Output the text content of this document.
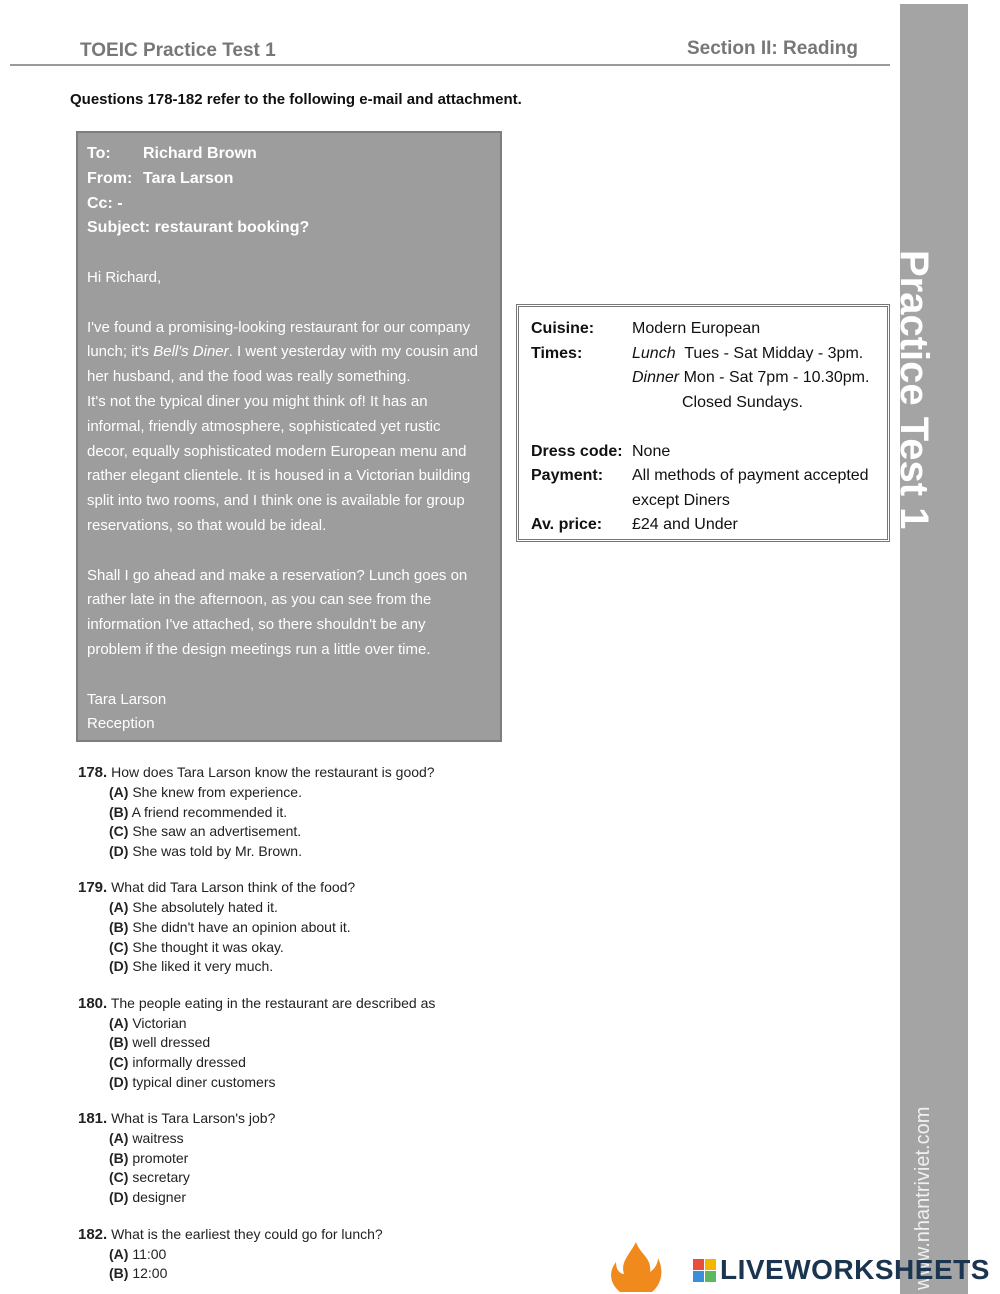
TOEIC Practice Test 1	Section II: Reading
Practice Test 1
www.nhantriviet.com
Questions 178-182 refer to the following e-mail and attachment.
To: Richard Brown
From: Tara Larson
Cc: -
Subject: restaurant booking?
Hi Richard,
I've found a promising-looking restaurant for our company
lunch; it's Bell's Diner. I went yesterday with my cousin and
her husband, and the food was really something.
It's not the typical diner you might think of! It has an
informal, friendly atmosphere, sophisticated yet rustic
decor, equally sophisticated modern European menu and
rather elegant clientele. It is housed in a Victorian building
split into two rooms, and I think one is available for group
reservations, so that would be ideal.
Shall I go ahead and make a reservation? Lunch goes on
rather late in the afternoon, as you can see from the
information I've attached, so there shouldn't be any
problem if the design meetings run a little over time.
Tara Larson
Reception
Cuisine:	Modern European
Times:	Lunch Tues - Sat Midday - 3pm.
Dinner Mon - Sat 7pm - 10.30pm.
Closed Sundays.
Dress code: None
Payment:	All methods of payment accepted
except Diners
Av. price:	£24 and Under
178. How does Tara Larson know the restaurant is good?
(A) She knew from experience.
(B) A friend recommended it.
(C) She saw an advertisement.
(D) She was told by Mr. Brown.
179. What did Tara Larson think of the food?
(A) She absolutely hated it.
(B) She didn't have an opinion about it.
(C) She thought it was okay.
(D) She liked it very much.
180. The people eating in the restaurant are described as
(A) Victorian
(B) well dressed
(C) informally dressed
(D) typical diner customers
181. What is Tara Larson's job?
(A) waitress
(B) promoter
(C) secretary
(D) designer
182. What is the earliest they could go for lunch?
(A) 11:00
(B) 12:00	LIVEWORKSHEETS
